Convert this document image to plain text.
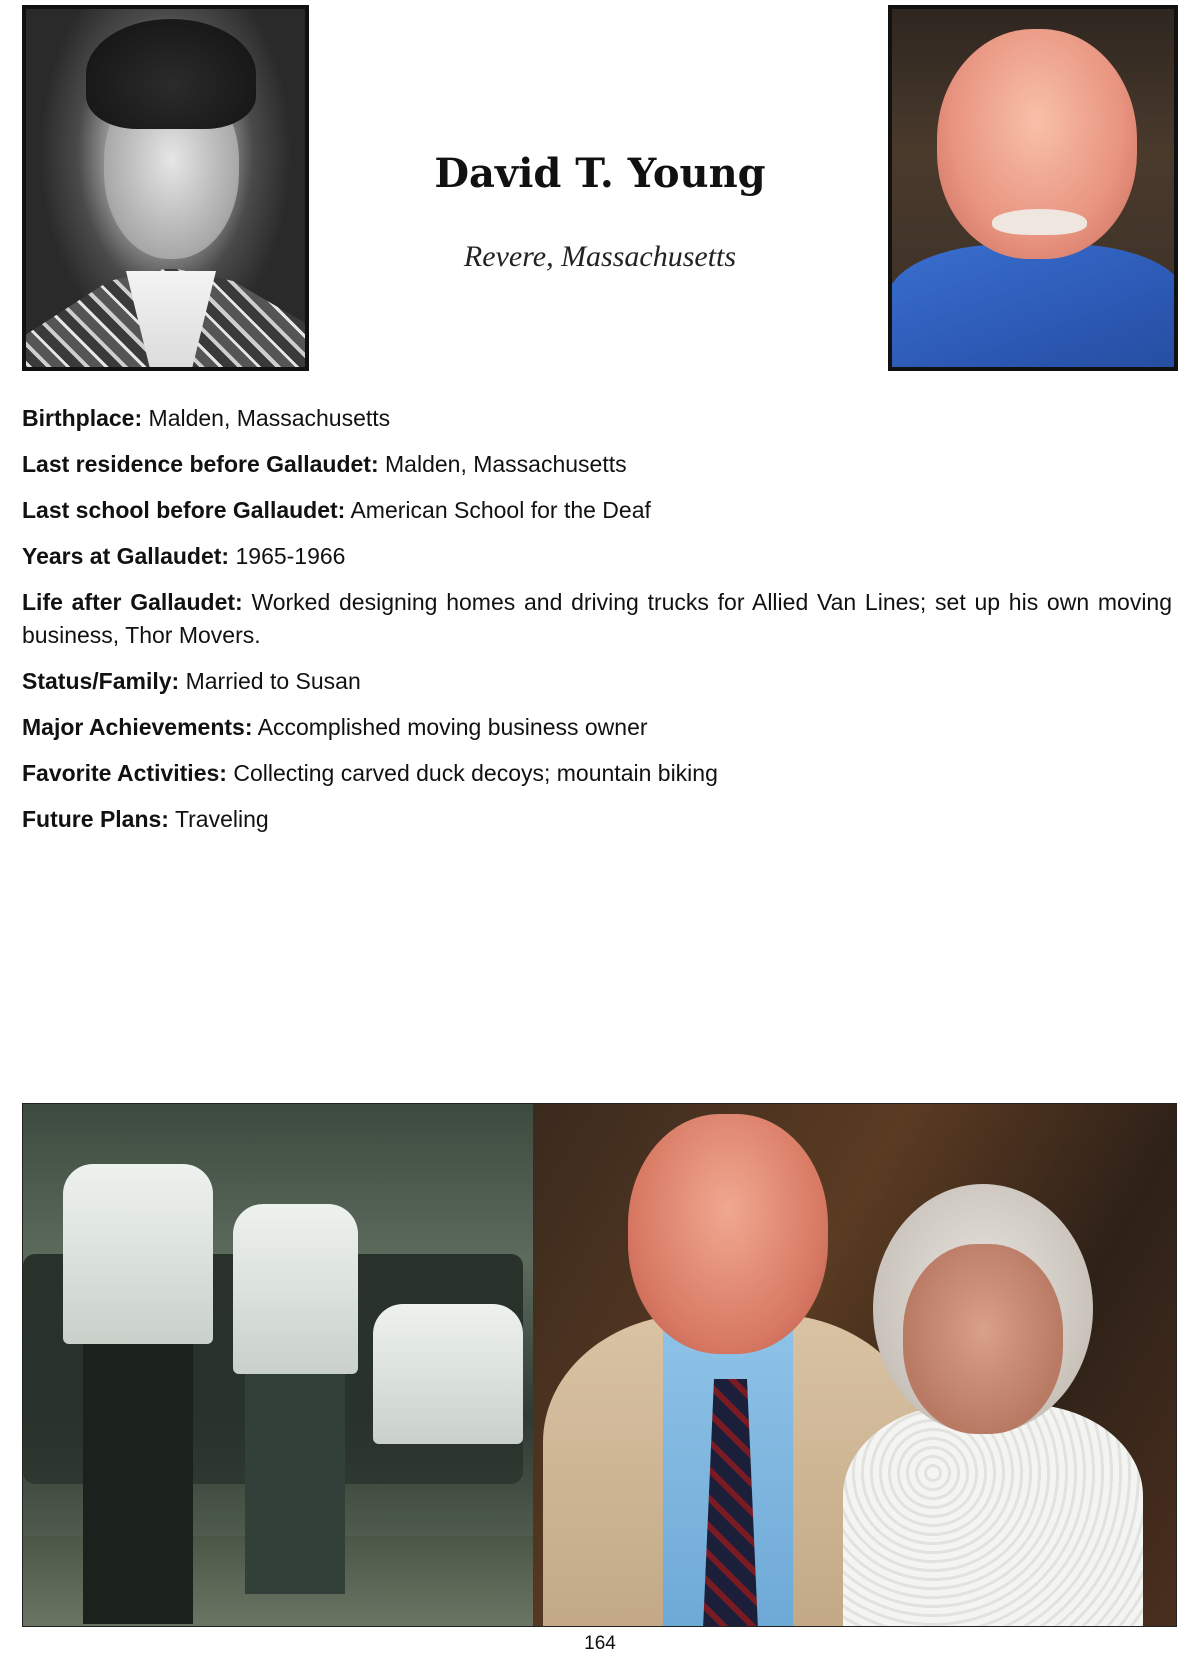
David T. Young
Revere, Massachusetts
Birthplace: Malden, Massachusetts
Last residence before Gallaudet: Malden, Massachusetts
Last school before Gallaudet: American School for the Deaf
Years at Gallaudet: 1965-1966
Life after Gallaudet: Worked designing homes and driving trucks for Allied Van Lines; set up his own moving business, Thor Movers.
Status/Family: Married to Susan
Major Achievements: Accomplished moving business owner
Favorite Activities: Collecting carved duck decoys; mountain biking
Future Plans: Traveling
164
